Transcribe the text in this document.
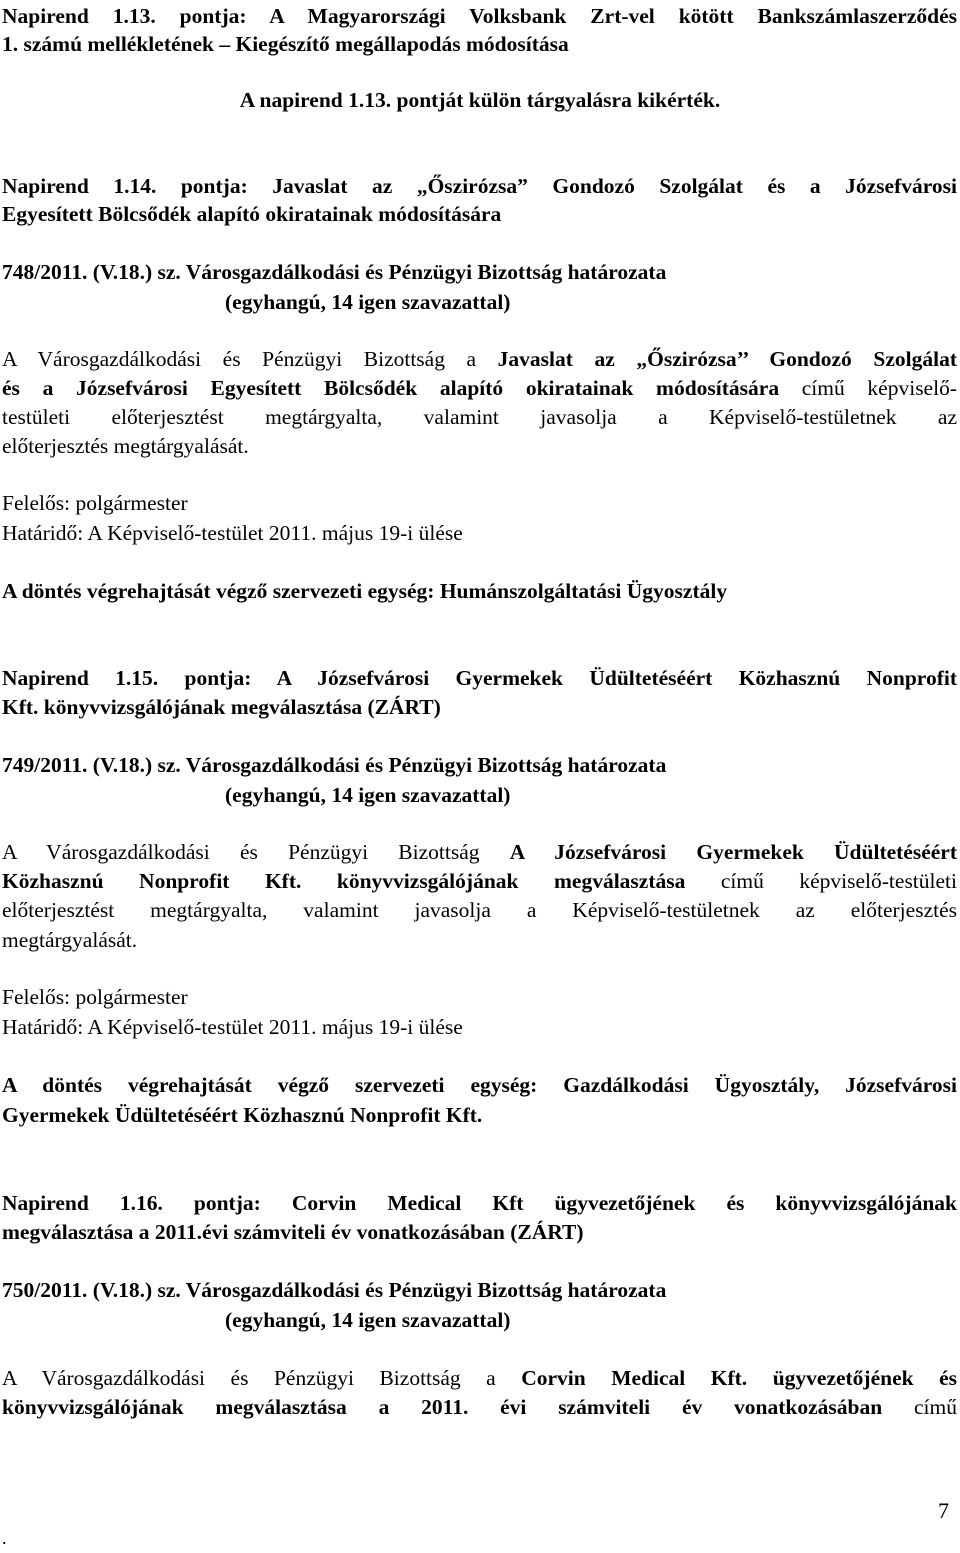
Napirend 1.13. pontja: A Magyarországi Volksbank Zrt-vel kötött Bankszámlaszerződés
1. számú mellékletének – Kiegészítő megállapodás módosítása
A napirend 1.13. pontját külön tárgyalásra kikérték.
Napirend 1.14. pontja: Javaslat az „Őszirózsa” Gondozó Szolgálat és a Józsefvárosi
Egyesített Bölcsődék alapító okiratainak módosítására
748/2011. (V.18.) sz. Városgazdálkodási és Pénzügyi Bizottság határozata
(egyhangú, 14 igen szavazattal)
A Városgazdálkodási és Pénzügyi Bizottság a Javaslat az „Őszirózsa’’ Gondozó Szolgálat
és a Józsefvárosi Egyesített Bölcsődék alapító okiratainak módosítására című képviselő-
testületi előterjesztést megtárgyalta, valamint javasolja a Képviselő-testületnek az
előterjesztés megtárgyalását.
Felelős: polgármester
Határidő: A Képviselő-testület 2011. május 19-i ülése
A döntés végrehajtását végző szervezeti egység: Humánszolgáltatási Ügyosztály
Napirend 1.15. pontja: A Józsefvárosi Gyermekek Üdültetéséért Közhasznú Nonprofit
Kft. könyvvizsgálójának megválasztása (ZÁRT)
749/2011. (V.18.) sz. Városgazdálkodási és Pénzügyi Bizottság határozata
(egyhangú, 14 igen szavazattal)
A Városgazdálkodási és Pénzügyi Bizottság A Józsefvárosi Gyermekek Üdültetéséért
Közhasznú Nonprofit Kft. könyvvizsgálójának megválasztása című képviselő-testületi
előterjesztést megtárgyalta, valamint javasolja a Képviselő-testületnek az előterjesztés
megtárgyalását.
Felelős: polgármester
Határidő: A Képviselő-testület 2011. május 19-i ülése
A döntés végrehajtását végző szervezeti egység: Gazdálkodási Ügyosztály, Józsefvárosi
Gyermekek Üdültetéséért Közhasznú Nonprofit Kft.
Napirend 1.16. pontja: Corvin Medical Kft ügyvezetőjének és könyvvizsgálójának
megválasztása a 2011.évi számviteli év vonatkozásában (ZÁRT)
750/2011. (V.18.) sz. Városgazdálkodási és Pénzügyi Bizottság határozata
(egyhangú, 14 igen szavazattal)
A Városgazdálkodási és Pénzügyi Bizottság a Corvin Medical Kft. ügyvezetőjének és
könyvvizsgálójának megválasztása a 2011. évi számviteli év vonatkozásában című
7
.
